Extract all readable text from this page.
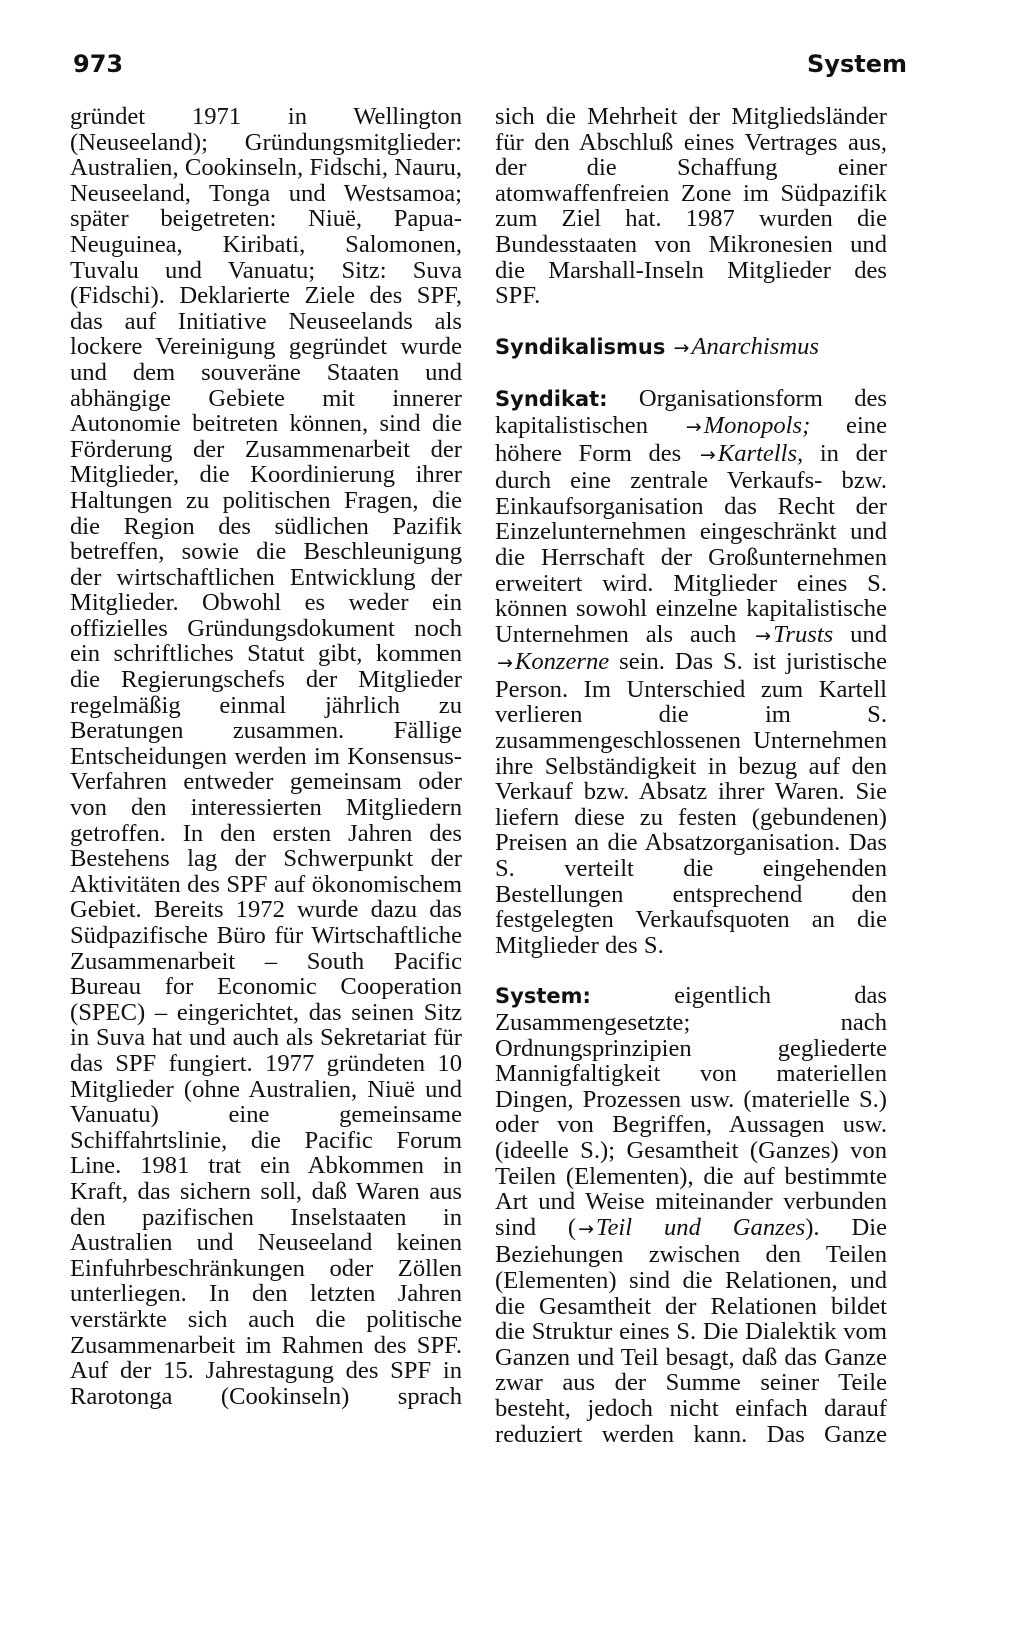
973	System

gründet 1971 in Wellington (Neuseeland); Gründungsmitglieder: Australien, Cookinseln, Fidschi, Nauru, Neuseeland, Tonga und Westsamoa; später beigetreten: Niuë, Papua-Neuguinea, Kiribati, Salomonen, Tuvalu und Vanuatu; Sitz: Suva (Fidschi). Deklarierte Ziele des SPF, das auf Initiative Neuseelands als lockere Vereinigung gegründet wurde und dem souveräne Staaten und abhängige Gebiete mit innerer Autonomie beitreten können, sind die Förderung der Zusammenarbeit der Mitglieder, die Koordinierung ihrer Haltungen zu politischen Fragen, die die Region des südlichen Pazifik betreffen, sowie die Beschleunigung der wirtschaftlichen Entwicklung der Mitglieder. Obwohl es weder ein offizielles Gründungsdokument noch ein schriftliches Statut gibt, kommen die Regierungschefs der Mitglieder regelmäßig einmal jährlich zu Beratungen zusammen. Fällige Entscheidungen werden im Konsensus-Verfahren entweder gemeinsam oder von den interessierten Mitgliedern getroffen. In den ersten Jahren des Bestehens lag der Schwerpunkt der Aktivitäten des SPF auf ökonomischem Gebiet. Bereits 1972 wurde dazu das Südpazifische Büro für Wirtschaftliche Zusammenarbeit – South Pacific Bureau for Economic Cooperation (SPEC) – eingerichtet, das seinen Sitz in Suva hat und auch als Sekretariat für das SPF fungiert. 1977 gründeten 10 Mitglieder (ohne Australien, Niuë und Vanuatu) eine gemeinsame Schiffahrtslinie, die Pacific Forum Line. 1981 trat ein Abkommen in Kraft, das sichern soll, daß Waren aus den pazifischen Inselstaaten in Australien und Neuseeland keinen Einfuhrbeschränkungen oder Zöllen unterliegen. In den letzten Jahren verstärkte sich auch die politische Zusammenarbeit im Rahmen des SPF. Auf der 15. Jahrestagung des SPF in Rarotonga (Cookinseln) sprach

sich die Mehrheit der Mitgliedsländer für den Abschluß eines Vertrages aus, der die Schaffung einer atomwaffenfreien Zone im Südpazifik zum Ziel hat. 1987 wurden die Bundesstaaten von Mikronesien und die Marshall-Inseln Mitglieder des SPF.

Syndikalismus →Anarchismus

Syndikat: Organisationsform des kapitalistischen →Monopols; eine höhere Form des →Kartells, in der durch eine zentrale Verkaufs- bzw. Einkaufsorganisation das Recht der Einzelunternehmen eingeschränkt und die Herrschaft der Großunternehmen erweitert wird. Mitglieder eines S. können sowohl einzelne kapitalistische Unternehmen als auch →Trusts und →Konzerne sein. Das S. ist juristische Person. Im Unterschied zum Kartell verlieren die im S. zusammengeschlossenen Unternehmen ihre Selbständigkeit in bezug auf den Verkauf bzw. Absatz ihrer Waren. Sie liefern diese zu festen (gebundenen) Preisen an die Absatzorganisation. Das S. verteilt die eingehenden Bestellungen entsprechend den festgelegten Verkaufsquoten an die Mitglieder des S.

System:	eigentlich das Zusammengesetzte; nach Ordnungsprinzipien gegliederte Mannigfaltigkeit von materiellen Dingen, Prozessen usw. (materielle S.) oder von Begriffen, Aussagen usw. (ideelle S.); Gesamtheit (Ganzes) von Teilen (Elementen), die auf bestimmte Art und Weise miteinander verbunden sind ( →Teil und Ganzes). Die Beziehungen zwischen den Teilen (Elementen) sind die Relationen, und die Gesamtheit der Relationen bildet die Struktur eines S. Die Dialektik vom Ganzen und Teil besagt, daß das Ganze zwar aus der Summe seiner Teile besteht, jedoch nicht einfach darauf reduziert werden kann. Das Ganze
